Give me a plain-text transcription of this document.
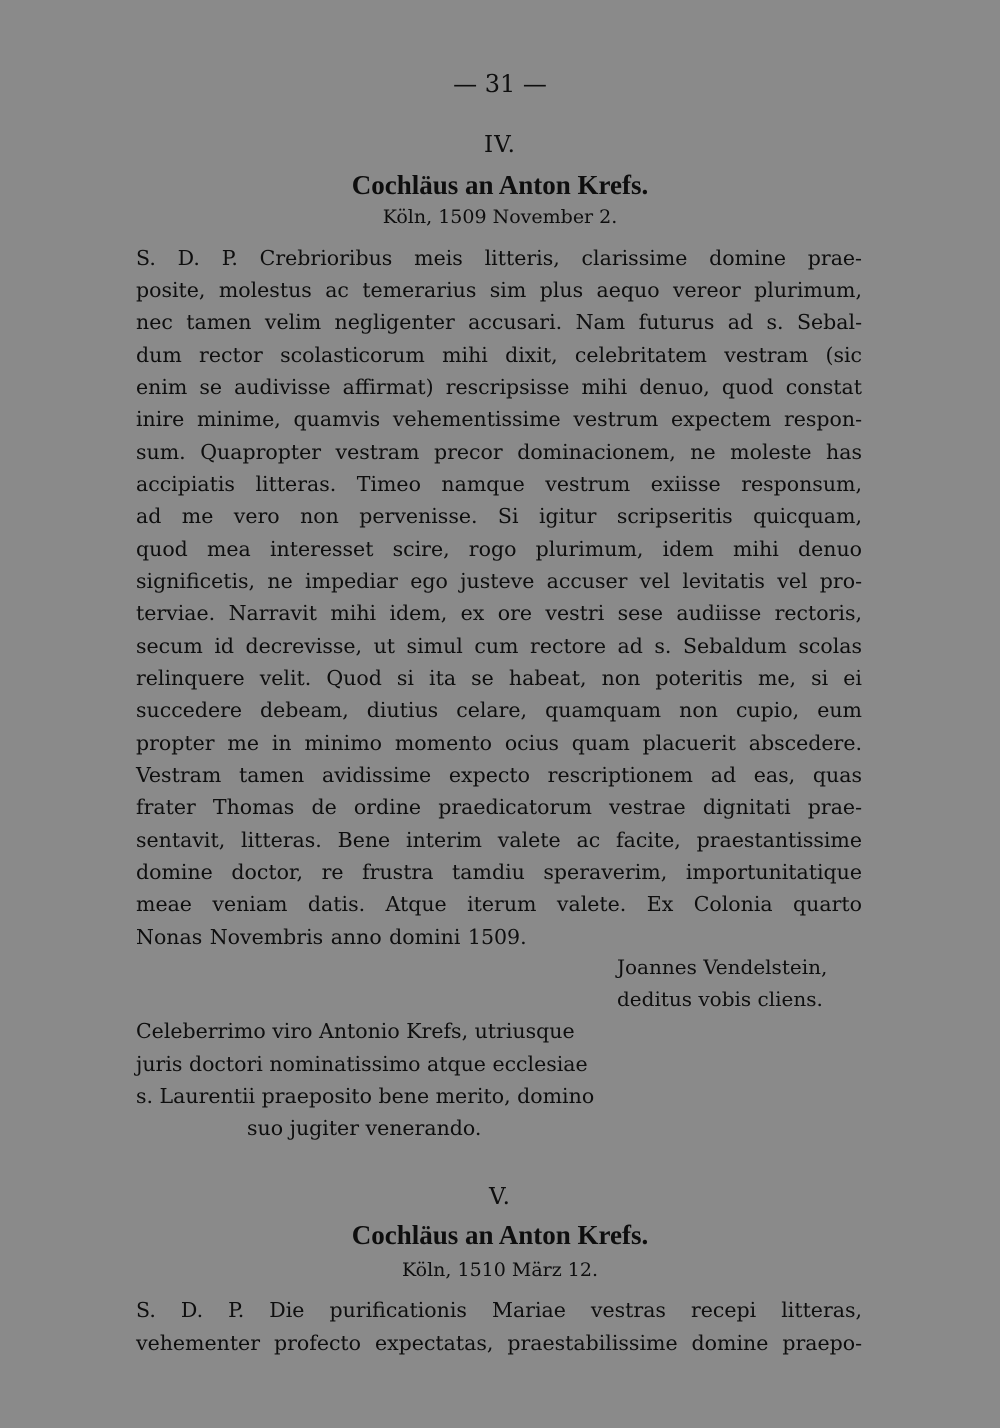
— 31 —
IV.
Cochläus an Anton Krefs.
Köln, 1509 November 2.
S. D. P. Crebrioribus meis litteris, clarissime domine prae-
posite, molestus ac temerarius sim plus aequo vereor plurimum,
nec tamen velim negligenter accusari. Nam futurus ad s. Sebal-
dum rector scolasticorum mihi dixit, celebritatem vestram (sic
enim se audivisse affirmat) rescripsisse mihi denuo, quod constat
inire minime, quamvis vehementissime vestrum expectem respon-
sum. Quapropter vestram precor dominacionem, ne moleste has
accipiatis litteras. Timeo namque vestrum exiisse responsum,
ad me vero non pervenisse. Si igitur scripseritis quicquam,
quod mea interesset scire, rogo plurimum, idem mihi denuo
significetis, ne impediar ego justeve accuser vel levitatis vel pro-
terviae. Narravit mihi idem, ex ore vestri sese audiisse rectoris,
secum id decrevisse, ut simul cum rectore ad s. Sebaldum scolas
relinquere velit. Quod si ita se habeat, non poteritis me, si ei
succedere debeam, diutius celare, quamquam non cupio, eum
propter me in minimo momento ocius quam placuerit abscedere.
Vestram tamen avidissime expecto rescriptionem ad eas, quas
frater Thomas de ordine praedicatorum vestrae dignitati prae-
sentavit, litteras. Bene interim valete ac facite, praestantissime
domine doctor, re frustra tamdiu speraverim, importunitatique
meae veniam datis. Atque iterum valete. Ex Colonia quarto
Nonas Novembris anno domini 1509.
Joannes Vendelstein,
deditus vobis cliens.
Celeberrimo viro Antonio Krefs, utriusque
juris doctori nominatissimo atque ecclesiae
s. Laurentii praeposito bene merito, domino
suo jugiter venerando.
V.
Cochläus an Anton Krefs.
Köln, 1510 März 12.
S. D. P. Die purificationis Mariae vestras recepi litteras,
vehementer profecto expectatas, praestabilissime domine praepo-
